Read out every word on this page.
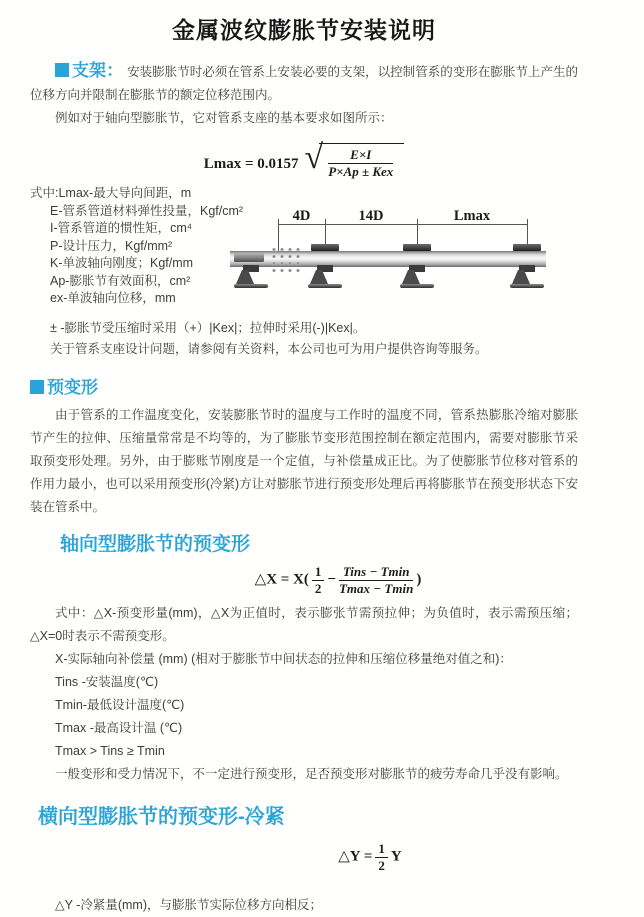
金属波纹膨胀节安装说明

支架： 安装膨胀节时必须在管系上安装必要的支架，以控制管系的变形在膨胀节上产生的位移方向并限制在膨胀节的额定位移范围内。

例如对于轴向型膨胀节，它对管系支座的基本要求如图所示：

Lmax = 0.0157 √ $\frac{E\times I}{\text{P×Ap ± Kex}}$
式中:Lmax-最大导向间距，m
E-管系管道材料弹性投量，Kgf/cm²
I-管系管道的惯性矩，cm⁴
P-设计压力，Kgf/mm²
K-单波轴向刚度；Kgf/mm
Ap-膨胀节有效面积，cm²
ex-单波轴向位移，mm
4D	14D	Lmax

± -膨胀节受压缩时采用（+）|Kex|；拉伸时采用(-)|Kex|。

关于管系支座设计问题，请参阅有关资料，本公司也可为用户提供咨询等服务。

预变形

由于管系的工作温度变化，安装膨胀节时的温度与工作时的温度不同，管系热膨胀冷缩对膨胀节产生的拉伸、压缩量常常是不均等的，为了膨胀节变形范围控制在额定范围内，需要对膨胀节采取预变形处理。另外，由于膨账节刚度是一个定值，与补偿量成正比。为了使膨胀节位移对管系的作用力最小，也可以采用预变形(冷紧)方让对膨胀节进行预变形处理后再将膨胀节在预变形状态下安装在管系中。

轴向型膨胀节的预变形
△X = $X( \frac{1}{2} - \frac{\text{Tins − Tmin}}{Tmax - Tmin}$ )

式中：△X-预变形量(mm)，△X为正值时，表示膨张节需预拉伸；为负值时，表示需预压缩；△X=0时表示不需预变形。

X-实际轴向补偿量 (mm) (相对于膨胀节中间状态的拉伸和压缩位移量绝对值之和)：

Tins -安装温度(℃)

Tmin-最低设计温度(℃)

Tmax -最高设计温 (℃)

Tmax > Tins ≥ Tmin

一般变形和受力情况下，不一定进行预变形，足否预变形对膨胀节的疲劳寿命几乎没有影响。

横向型膨胀节的预变形-冷紧
△Y = $\frac{1}{2}$ Y

△Y -冷紧量(mm)，与膨胀节实际位移方向相反；
